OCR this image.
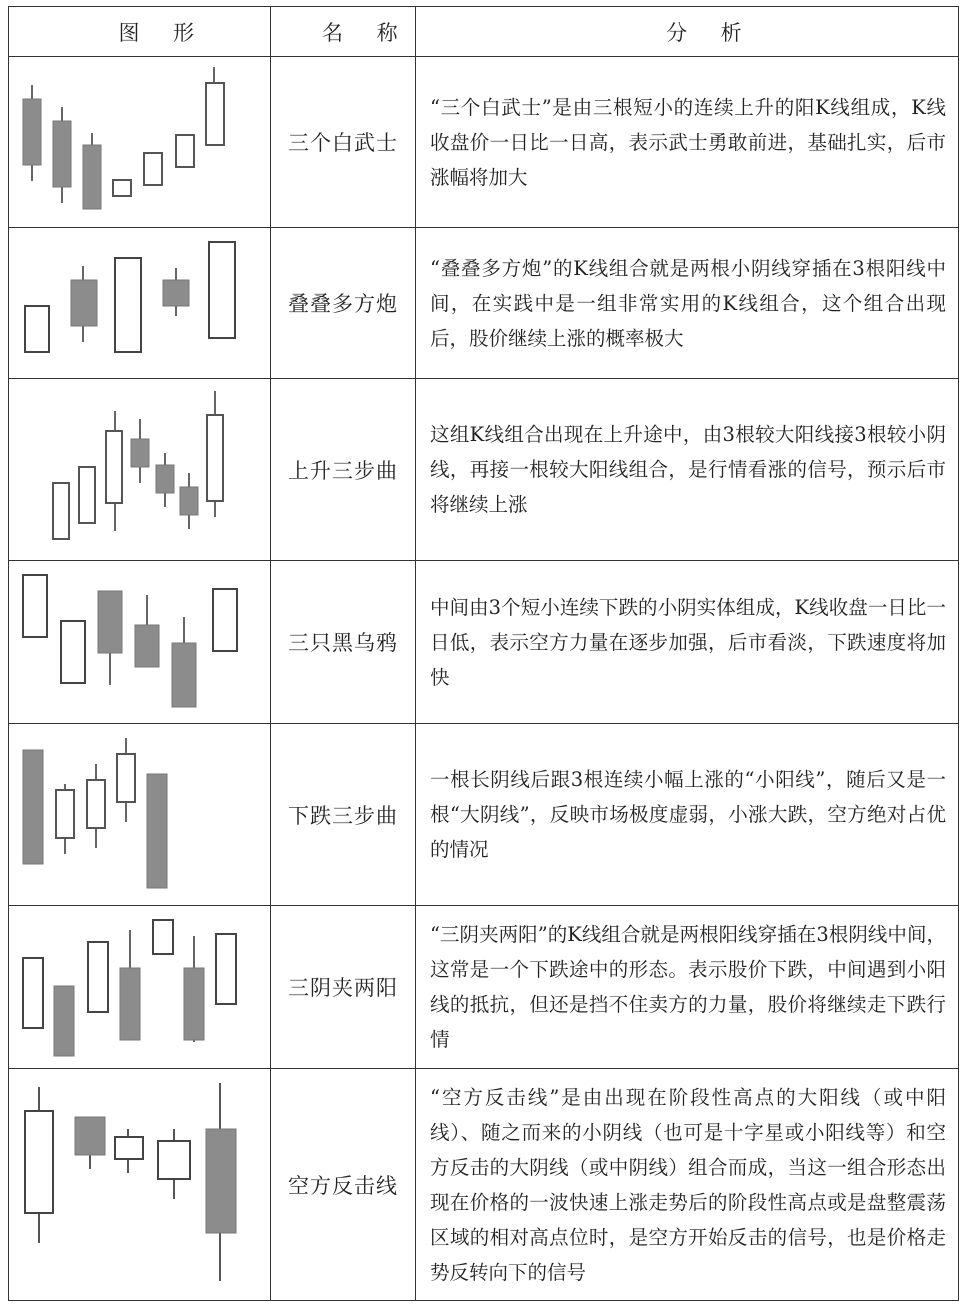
图形	名称	分析

	三个白武士	“三个白武士”是由三根短小的连续上升的阳K线组成，K线收盘价一日比一日高，表示武士勇敢前进，基础扎实，后市涨幅将加大

	叠叠多方炮	“叠叠多方炮”的K线组合就是两根小阴线穿插在3根阳线中间，在实践中是一组非常实用的K线组合，这个组合出现后，股价继续上涨的概率极大

	上升三步曲	这组K线组合出现在上升途中，由3根较大阳线接3根较小阴线，再接一根较大阳线组合，是行情看涨的信号，预示后市将继续上涨

	三只黑乌鸦	中间由3个短小连续下跌的小阴实体组成，K线收盘一日比一日低，表示空方力量在逐步加强，后市看淡，下跌速度将加快

	下跌三步曲	一根长阴线后跟3根连续小幅上涨的“小阳线”，随后又是一根“大阴线”，反映市场极度虚弱，小涨大跌，空方绝对占优的情况

	三阴夹两阳	“三阴夹两阳”的K线组合就是两根阳线穿插在3根阴线中间，这常是一个下跌途中的形态。表示股价下跌，中间遇到小阳线的抵抗，但还是挡不住卖方的力量，股价将继续走下跌行情

	空方反击线	“空方反击线”是由出现在阶段性高点的大阳线（或中阳线）、随之而来的小阴线（也可是十字星或小阳线等）和空方反击的大阴线（或中阴线）组合而成，当这一组合形态出现在价格的一波快速上涨走势后的阶段性高点或是盘整震荡区域的相对高点位时，是空方开始反击的信号，也是价格走势反转向下的信号
